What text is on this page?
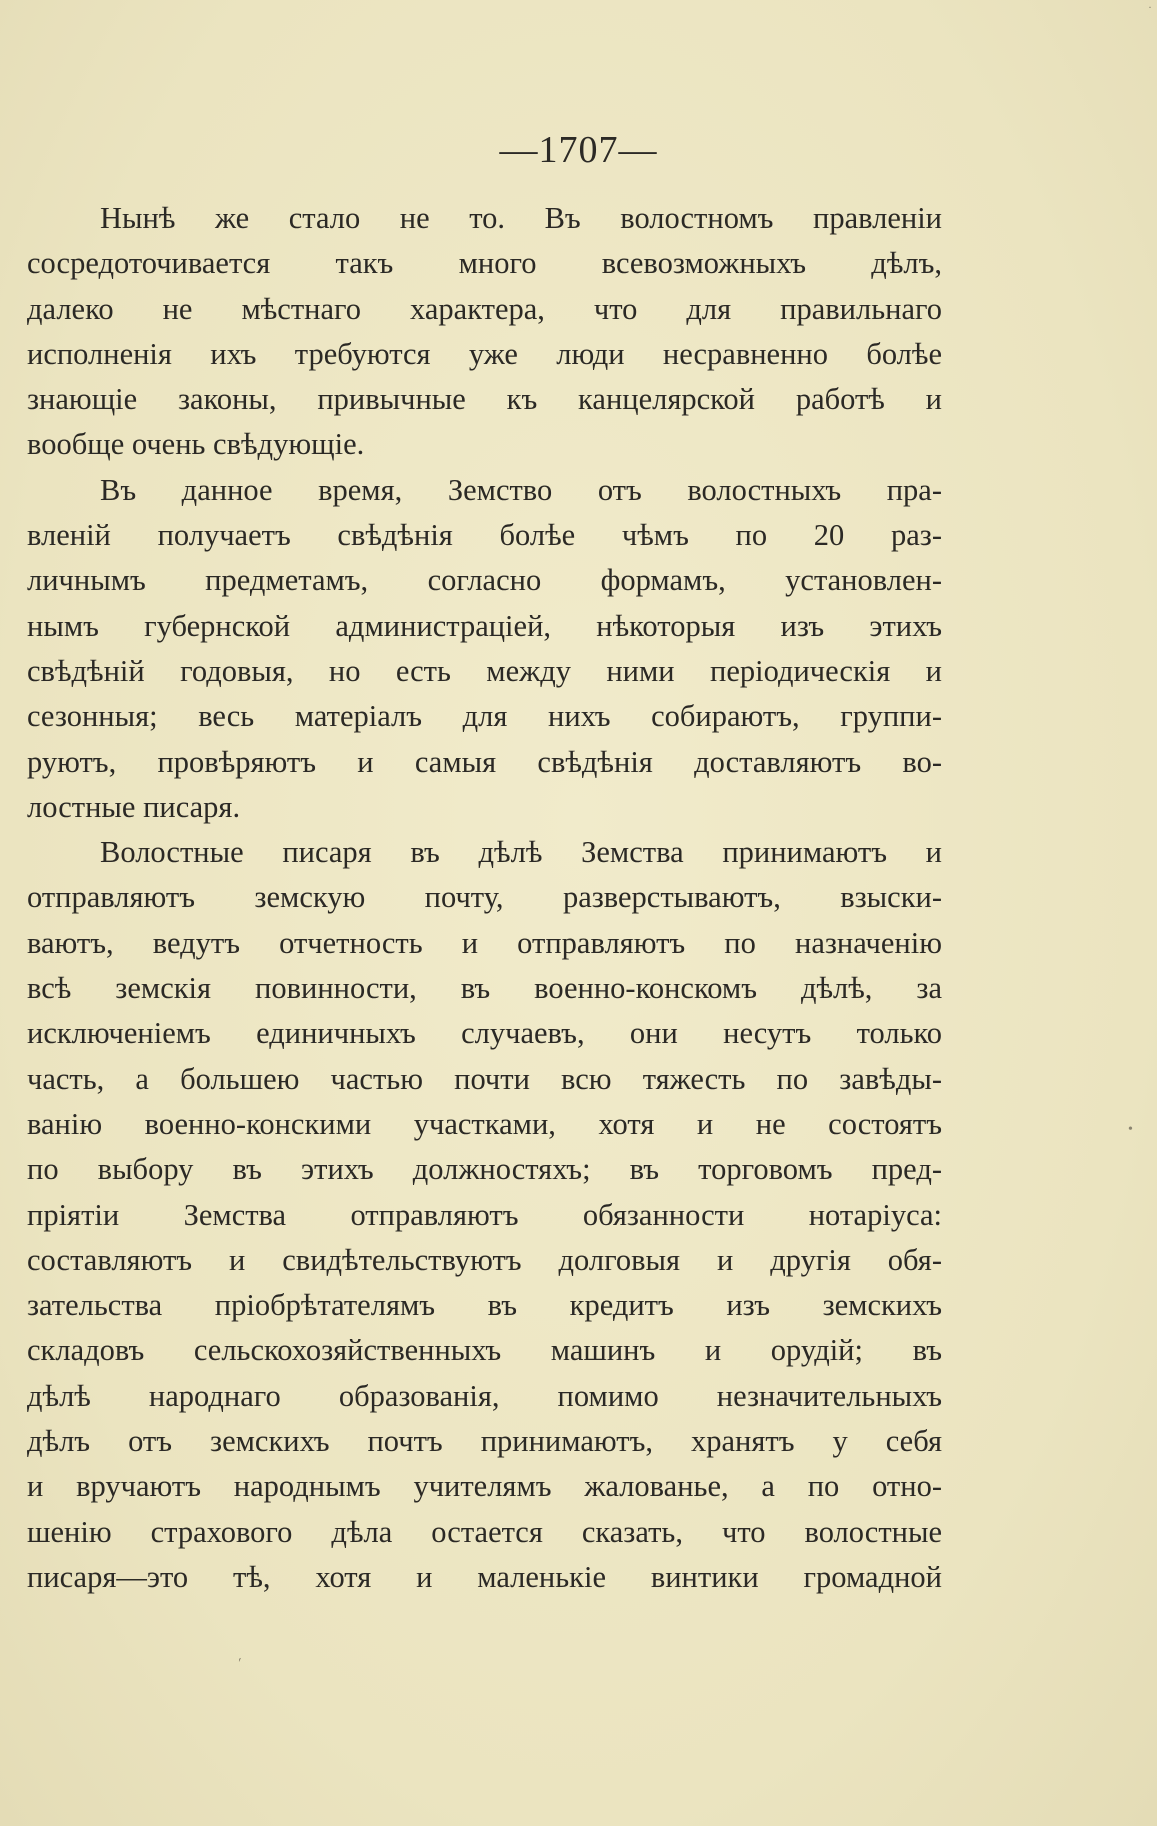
—1707—
Нынѣ же стало не то. Въ волостномъ правленіи
сосредоточивается такъ много всевозможныхъ дѣлъ,
далеко не мѣстнаго характера, что для правильнаго
исполненія ихъ требуются уже люди несравненно болѣе
знающіе законы, привычные къ канцелярской работѣ и
вообще очень свѣдующіе.
Въ данное время, Земство отъ волостныхъ пра-
вленій получаетъ свѣдѣнія болѣе чѣмъ по 20 раз-
личнымъ предметамъ, согласно формамъ, установлен-
нымъ губернской администраціей, нѣкоторыя изъ этихъ
свѣдѣній годовыя, но есть между ними періодическія и
сезонныя; весь матеріалъ для нихъ собираютъ, группи-
руютъ, провѣряютъ и самыя свѣдѣнія доставляютъ во-
лостные писаря.
Волостные писаря въ дѣлѣ Земства принимаютъ и
отправляютъ земскую почту, разверстываютъ, взыски-
ваютъ, ведутъ отчетность и отправляютъ по назначенію
всѣ земскія повинности, въ военно-конскомъ дѣлѣ, за
исключеніемъ единичныхъ случаевъ, они несутъ только
часть, а большею частью почти всю тяжесть по завѣды-
ванію военно-конскими участками, хотя и не состоятъ
по выбору въ этихъ должностяхъ; въ торговомъ пред-
пріятіи Земства отправляютъ обязанности нотаріуса:
составляютъ и свидѣтельствуютъ долговыя и другія обя-
зательства пріобрѣтателямъ въ кредитъ изъ земскихъ
складовъ сельскохозяйственныхъ машинъ и орудій; въ
дѣлѣ народнаго образованія, помимо незначительныхъ
дѣлъ отъ земскихъ почтъ принимаютъ, хранятъ у себя
и вручаютъ народнымъ учителямъ жалованье, а по отно-
шенію страхового дѣла остается сказать, что волостные
писаря—это тѣ, хотя и маленькіе винтики громадной
·
•
ˊ
